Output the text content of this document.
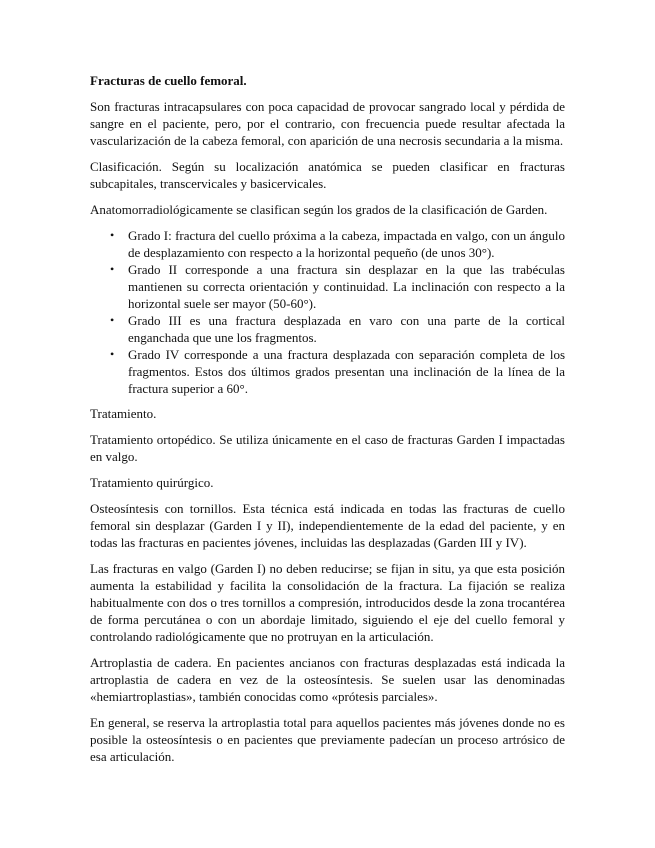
Fracturas de cuello femoral.

Son fracturas intracapsulares con poca capacidad de provocar sangrado local y pérdida de sangre en el paciente, pero, por el contrario, con frecuencia puede resultar afectada la vascularización de la cabeza femoral, con aparición de una necrosis secundaria a la misma.

Clasificación. Según su localización anatómica se pueden clasificar en fracturas subcapitales, transcervicales y basicervicales.

Anatomorradiológicamente se clasifican según los grados de la clasificación de Garden.

• Grado I: fractura del cuello próxima a la cabeza, impactada en valgo, con un ángulo de desplazamiento con respecto a la horizontal pequeño (de unos 30°).
• Grado II corresponde a una fractura sin desplazar en la que las trabéculas mantienen su correcta orientación y continuidad. La inclinación con respecto a la horizontal suele ser mayor (50-60°).
• Grado III es una fractura desplazada en varo con una parte de la cortical enganchada que une los fragmentos.
• Grado IV corresponde a una fractura desplazada con separación completa de los fragmentos. Estos dos últimos grados presentan una inclinación de la línea de la fractura superior a 60°.

Tratamiento.

Tratamiento ortopédico. Se utiliza únicamente en el caso de fracturas Garden I impactadas en valgo.

Tratamiento quirúrgico.

Osteosíntesis con tornillos. Esta técnica está indicada en todas las fracturas de cuello femoral sin desplazar (Garden I y II), independientemente de la edad del paciente, y en todas las fracturas en pacientes jóvenes, incluidas las desplazadas (Garden III y IV).

Las fracturas en valgo (Garden I) no deben reducirse; se fijan in situ, ya que esta posición aumenta la estabilidad y facilita la consolidación de la fractura. La fijación se realiza habitualmente con dos o tres tornillos a compresión, introducidos desde la zona trocantérea de forma percutánea o con un abordaje limitado, siguiendo el eje del cuello femoral y controlando radiológicamente que no protruyan en la articulación.

Artroplastia de cadera. En pacientes ancianos con fracturas desplazadas está indicada la artroplastia de cadera en vez de la osteosíntesis. Se suelen usar las denominadas «hemiartroplastias», también conocidas como «prótesis parciales».

En general, se reserva la artroplastia total para aquellos pacientes más jóvenes donde no es posible la osteosíntesis o en pacientes que previamente padecían un proceso artrósico de esa articulación.
